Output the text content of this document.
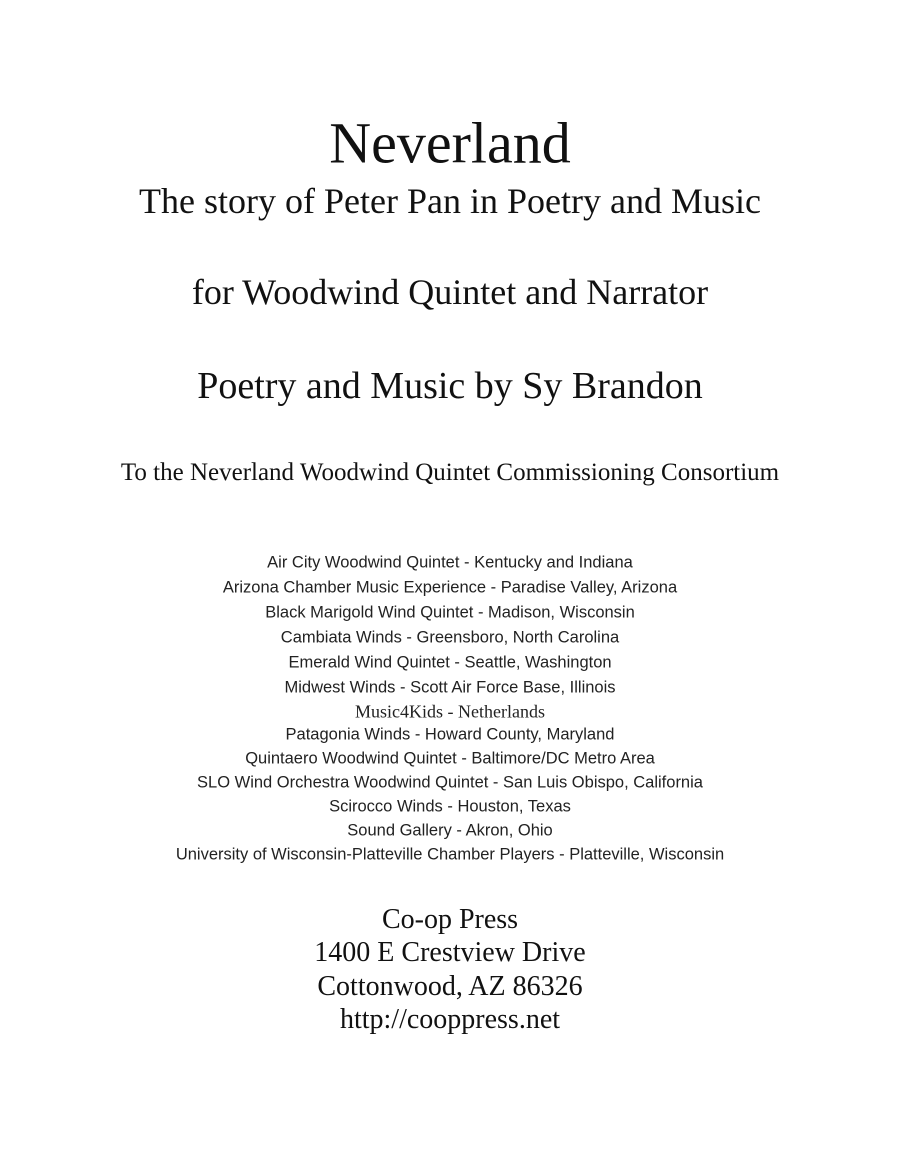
Neverland
The story of Peter Pan in Poetry and Music
for Woodwind Quintet and Narrator
Poetry and Music by Sy Brandon
To the Neverland Woodwind Quintet Commissioning Consortium
Air City Woodwind Quintet - Kentucky and Indiana
Arizona Chamber Music Experience - Paradise Valley, Arizona
Black Marigold Wind Quintet - Madison, Wisconsin
Cambiata Winds - Greensboro, North Carolina
Emerald Wind Quintet - Seattle, Washington
Midwest Winds - Scott Air Force Base, Illinois
Music4Kids - Netherlands
Patagonia Winds - Howard County, Maryland
Quintaero Woodwind Quintet - Baltimore/DC Metro Area
SLO Wind Orchestra Woodwind Quintet - San Luis Obispo, California
Scirocco Winds - Houston, Texas
Sound Gallery - Akron, Ohio
University of Wisconsin-Platteville Chamber Players - Platteville, Wisconsin
Co-op Press
1400 E Crestview Drive
Cottonwood, AZ 86326
http://cooppress.net
